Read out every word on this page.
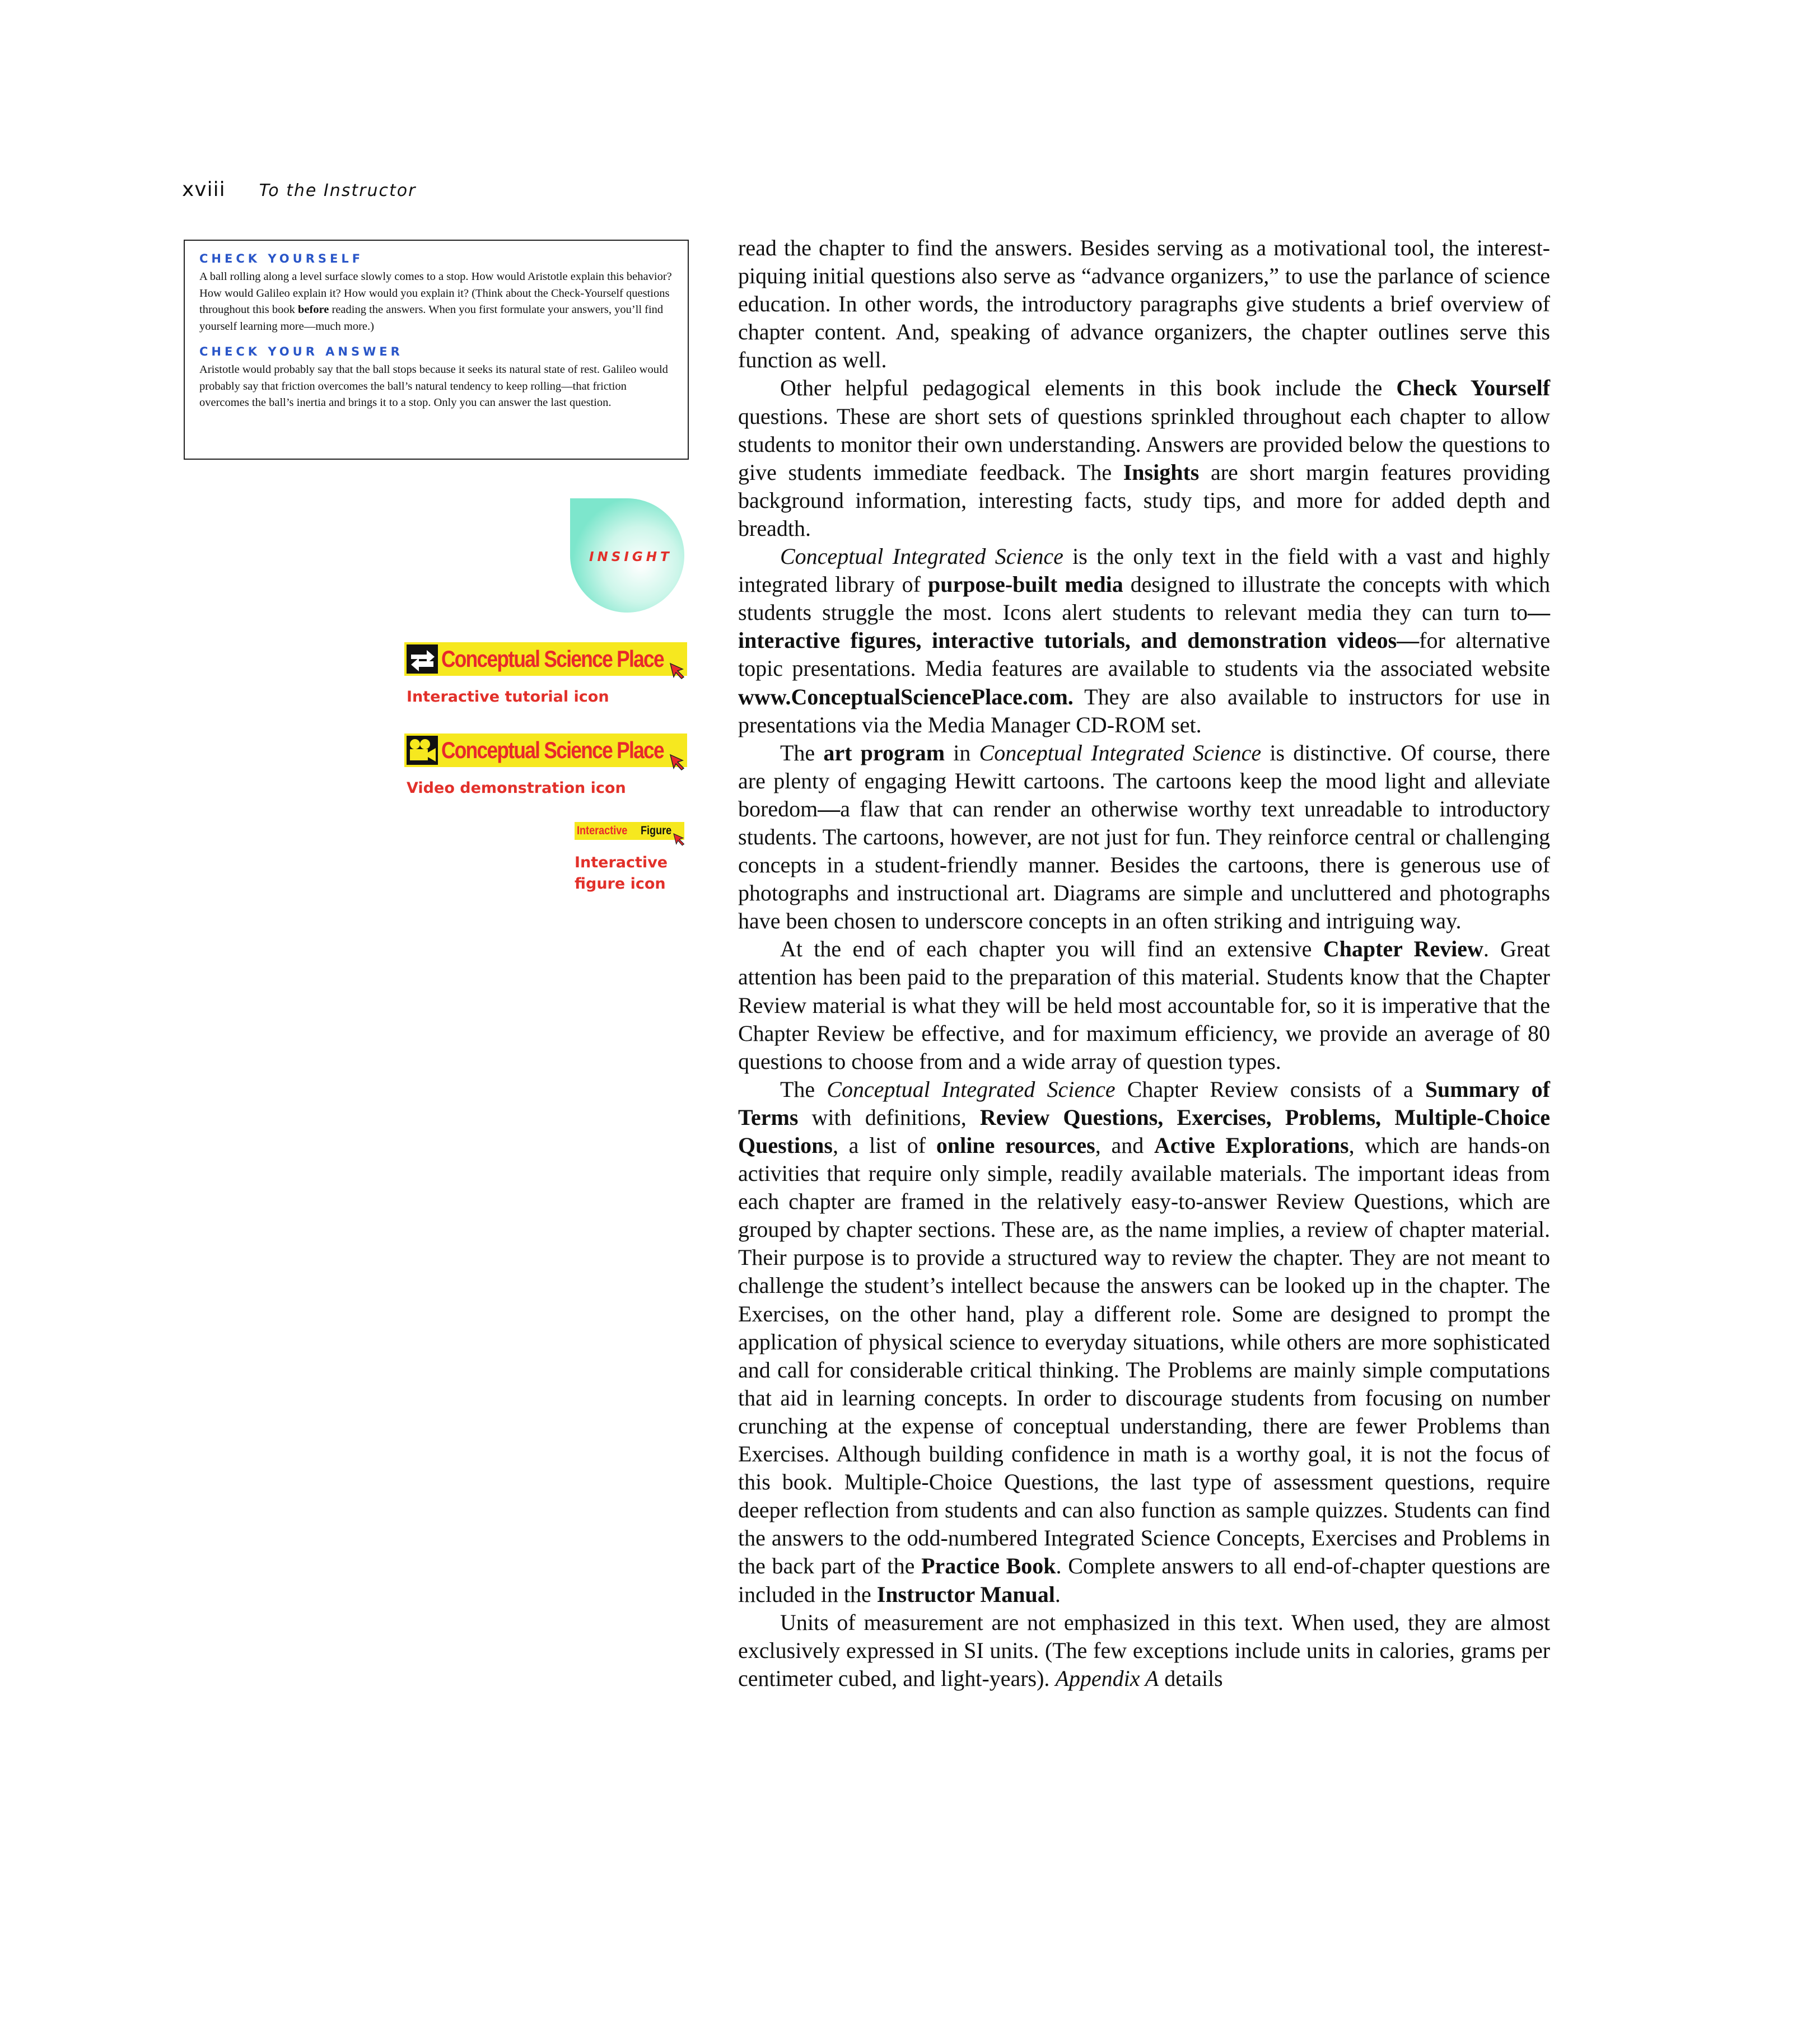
xviii To the Instructor
CHECK YOURSELF

A ball rolling along a level surface slowly comes to a stop. How would Aristotle explain this behavior? How would Galileo explain it? How would you explain it? (Think about the Check-Yourself questions throughout this book before reading the answers. When you first formulate your answers, you’ll find yourself learning more—much more.)

CHECK YOUR ANSWER

Aristotle would probably say that the ball stops because it seeks its natural state of rest. Galileo would probably say that friction overcomes the ball’s natural tendency to keep rolling—that friction overcomes the ball’s inertia and brings it to a stop. Only you can answer the last question.

INSIGHT
Conceptual Science Place
Interactive tutorial icon
Conceptual Science Place
Video demonstration icon
Interactive Figure
Interactive
figure icon

read the chapter to find the answers. Besides serving as a motivational tool, the interest-piquing initial questions also serve as “advance organizers,” to use the parlance of science education. In other words, the introductory paragraphs give students a brief overview of chapter content. And, speaking of advance organizers, the chapter outlines serve this function as well.

Other helpful pedagogical elements in this book include the Check Yourself questions. These are short sets of questions sprinkled throughout each chapter to allow students to monitor their own understanding. Answers are provided below the questions to give students immediate feedback. The Insights are short margin features providing background information, interesting facts, study tips, and more for added depth and breadth.

Conceptual Integrated Science is the only text in the field with a vast and highly integrated library of purpose-built media designed to illustrate the concepts with which students struggle the most. Icons alert students to relevant media they can turn to—interactive figures, interactive tutorials, and demonstration videos—for alternative topic presentations. Media features are available to students via the associated website www.ConceptualSciencePlace.com. They are also available to instructors for use in presentations via the Media Manager CD-ROM set.

The art program in Conceptual Integrated Science is distinctive. Of course, there are plenty of engaging Hewitt cartoons. The cartoons keep the mood light and alleviate boredom—a flaw that can render an otherwise worthy text unreadable to introductory students. The cartoons, however, are not just for fun. They reinforce central or challenging concepts in a student-friendly manner. Besides the cartoons, there is generous use of photographs and instructional art. Diagrams are simple and uncluttered and photographs have been chosen to underscore concepts in an often striking and intriguing way.

At the end of each chapter you will find an extensive Chapter Review. Great attention has been paid to the preparation of this material. Students know that the Chapter Review material is what they will be held most accountable for, so it is imperative that the Chapter Review be effective, and for maximum efficiency, we provide an average of 80 questions to choose from and a wide array of question types.

The Conceptual Integrated Science Chapter Review consists of a Summary of Terms with definitions, Review Questions, Exercises, Problems, Multiple-Choice Questions, a list of online resources, and Active Explorations, which are hands-on activities that require only simple, readily available materials. The important ideas from each chapter are framed in the relatively easy-to-answer Review Questions, which are grouped by chapter sections. These are, as the name implies, a review of chapter material. Their purpose is to provide a structured way to review the chapter. They are not meant to challenge the student’s intellect because the answers can be looked up in the chapter. The Exercises, on the other hand, play a different role. Some are designed to prompt the application of physical science to everyday situations, while others are more sophisticated and call for considerable critical thinking. The Problems are mainly simple computations that aid in learning concepts. In order to discourage students from focusing on number crunching at the expense of conceptual understanding, there are fewer Problems than Exercises. Although building confidence in math is a worthy goal, it is not the focus of this book. Multiple-Choice Questions, the last type of assessment questions, require deeper reflection from students and can also function as sample quizzes. Students can find the answers to the odd-numbered Integrated Science Concepts, Exercises and Problems in the back part of the Practice Book. Complete answers to all end-of-chapter questions are included in the Instructor Manual.

Units of measurement are not emphasized in this text. When used, they are almost exclusively expressed in SI units. (The few exceptions include units in calories, grams per centimeter cubed, and light-years). Appendix A details
